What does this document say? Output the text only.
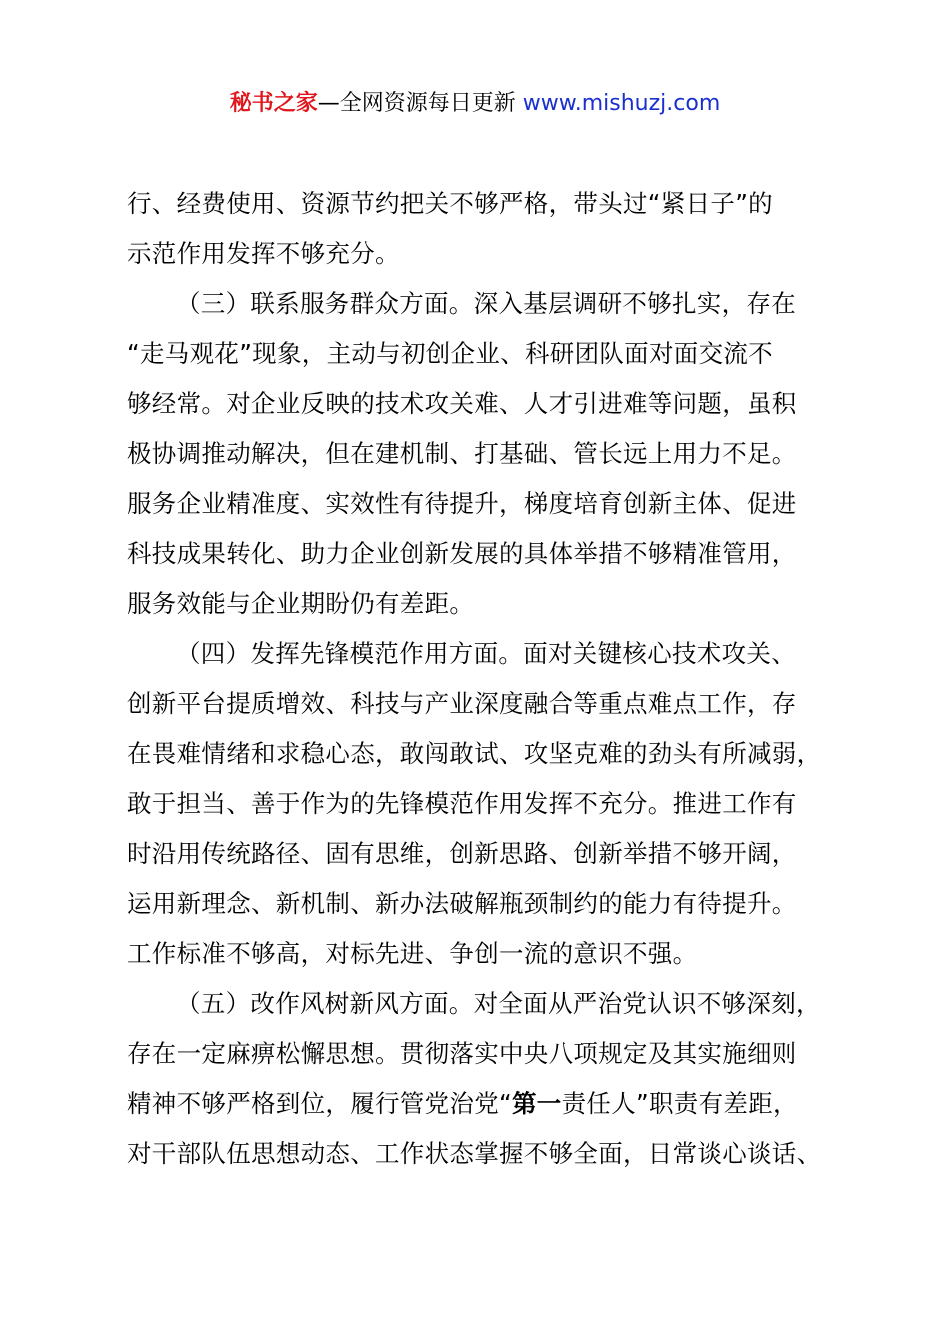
秘书之家—全网资源每日更新 www.mishuzj.com
行、经费使用、资源节约把关不够严格，带头过“紧日子”的
示范作用发挥不够充分。
（三）联系服务群众方面。深入基层调研不够扎实，存在
“走马观花”现象，主动与初创企业、科研团队面对面交流不
够经常。对企业反映的技术攻关难、人才引进难等问题，虽积
极协调推动解决，但在建机制、打基础、管长远上用力不足。
服务企业精准度、实效性有待提升，梯度培育创新主体、促进
科技成果转化、助力企业创新发展的具体举措不够精准管用，
服务效能与企业期盼仍有差距。
（四）发挥先锋模范作用方面。面对关键核心技术攻关、
创新平台提质增效、科技与产业深度融合等重点难点工作，存
在畏难情绪和求稳心态，敢闯敢试、攻坚克难的劲头有所减弱，
敢于担当、善于作为的先锋模范作用发挥不充分。推进工作有
时沿用传统路径、固有思维，创新思路、创新举措不够开阔，
运用新理念、新机制、新办法破解瓶颈制约的能力有待提升。
工作标准不够高，对标先进、争创一流的意识不强。
（五）改作风树新风方面。对全面从严治党认识不够深刻，
存在一定麻痹松懈思想。贯彻落实中央八项规定及其实施细则
精神不够严格到位，履行管党治党“第一责任人”职责有差距，
对干部队伍思想动态、工作状态掌握不够全面，日常谈心谈话、
